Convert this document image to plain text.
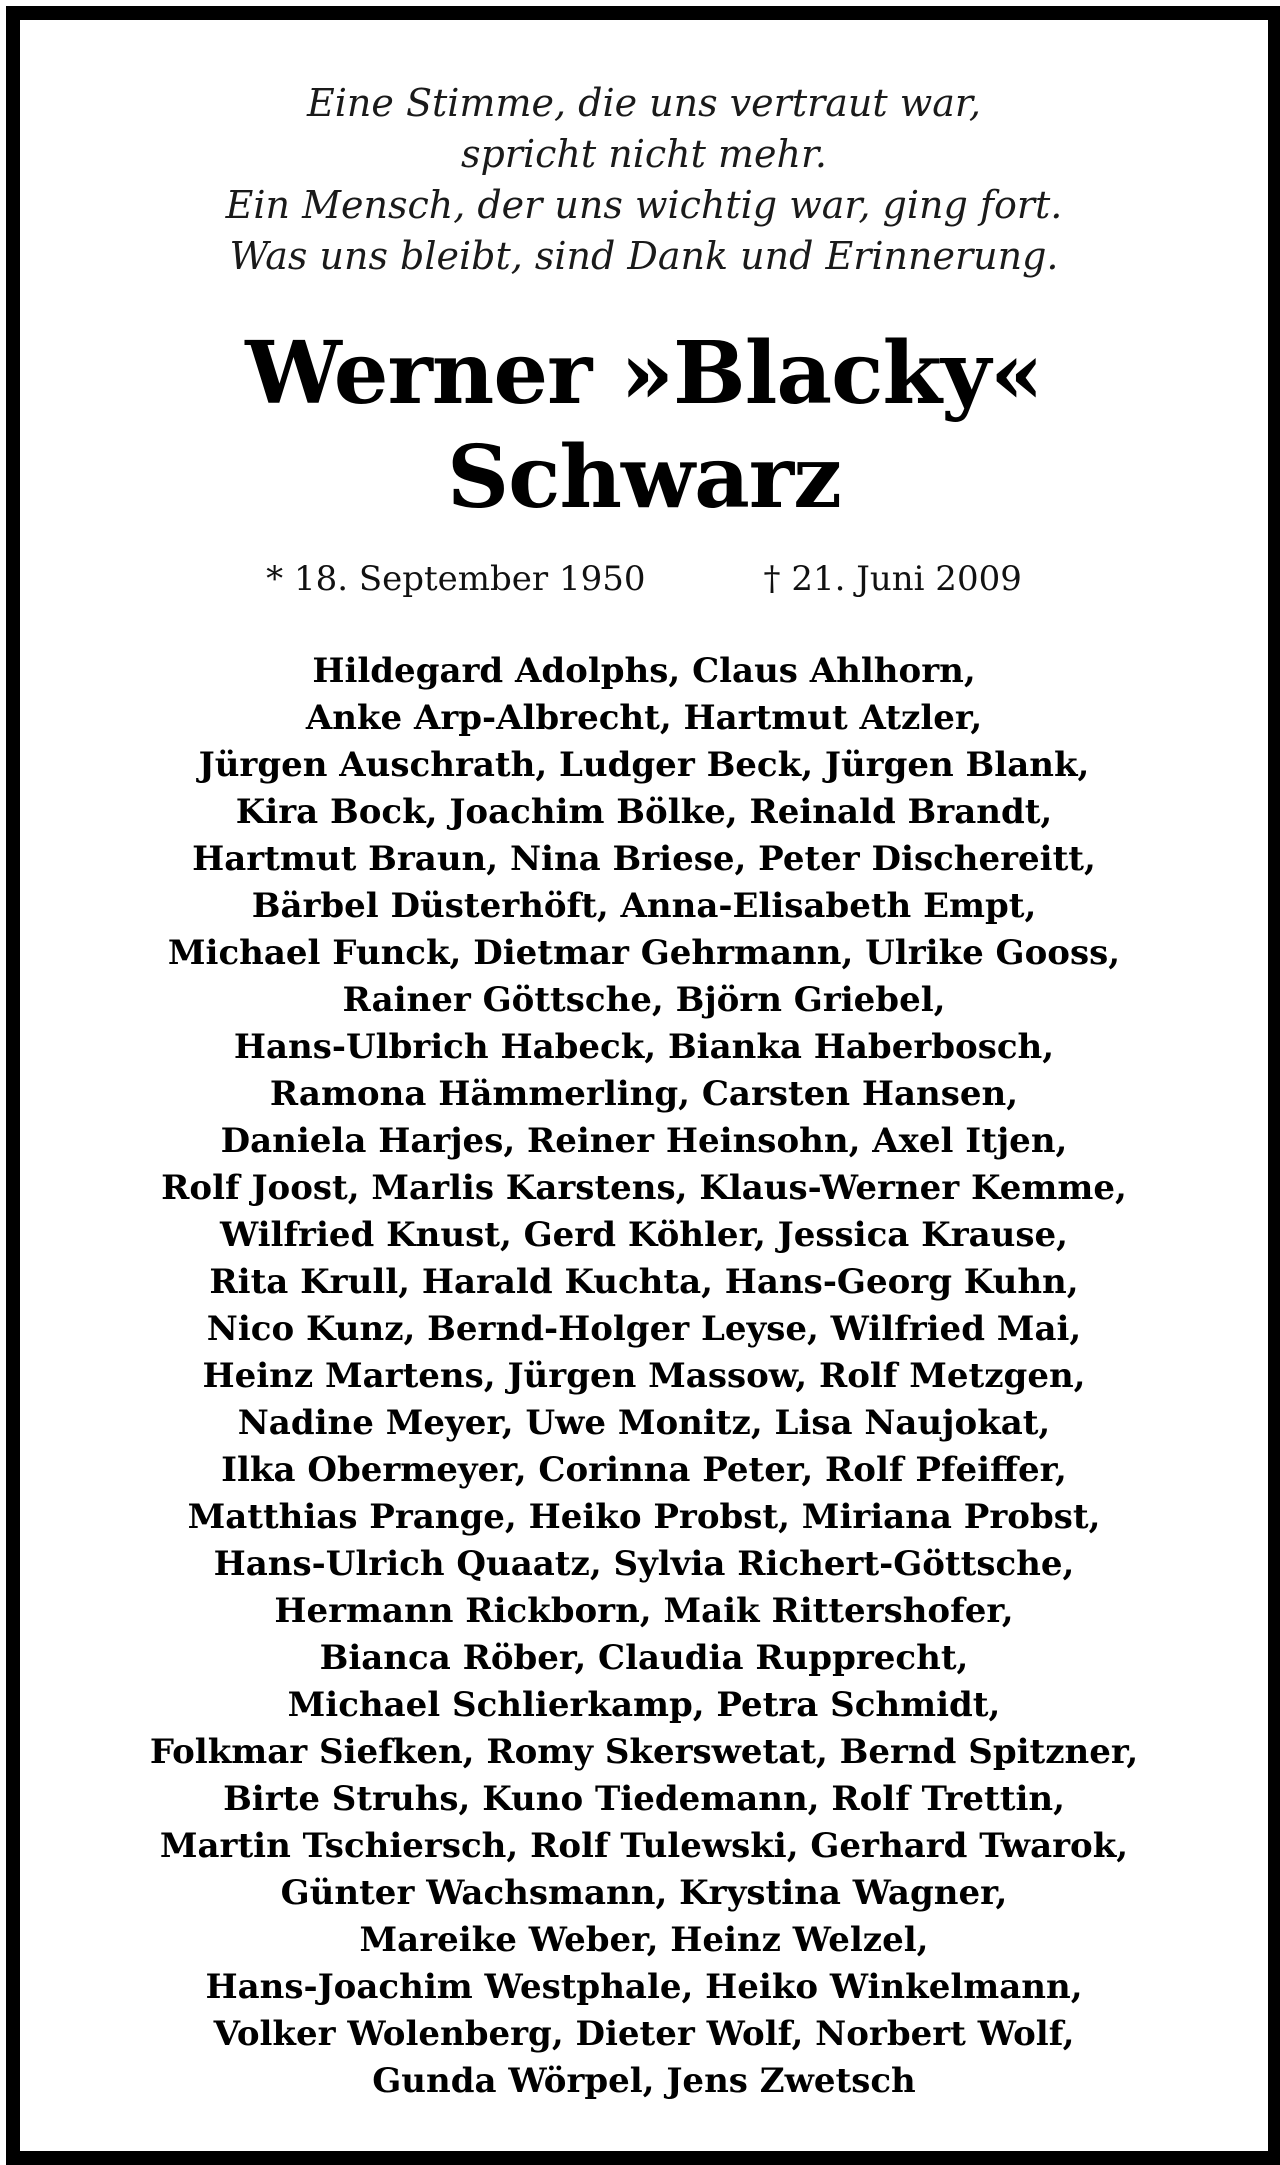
Eine Stimme, die uns vertraut war,
spricht nicht mehr.
Ein Mensch, der uns wichtig war, ging fort.
Was uns bleibt, sind Dank und Erinnerung.
Werner »Blacky«
Schwarz
* 18. September 1950	† 21. Juni 2009
Hildegard Adolphs, Claus Ahlhorn,
Anke Arp-Albrecht, Hartmut Atzler,
Jürgen Auschrath, Ludger Beck, Jürgen Blank,
Kira Bock, Joachim Bölke, Reinald Brandt,
Hartmut Braun, Nina Briese, Peter Dischereitt,
Bärbel Düsterhöft, Anna-Elisabeth Empt,
Michael Funck, Dietmar Gehrmann, Ulrike Gooss,
Rainer Göttsche, Björn Griebel,
Hans-Ulbrich Habeck, Bianka Haberbosch,
Ramona Hämmerling, Carsten Hansen,
Daniela Harjes, Reiner Heinsohn, Axel Itjen,
Rolf Joost, Marlis Karstens, Klaus-Werner Kemme,
Wilfried Knust, Gerd Köhler, Jessica Krause,
Rita Krull, Harald Kuchta, Hans-Georg Kuhn,
Nico Kunz, Bernd-Holger Leyse, Wilfried Mai,
Heinz Martens, Jürgen Massow, Rolf Metzgen,
Nadine Meyer, Uwe Monitz, Lisa Naujokat,
Ilka Obermeyer, Corinna Peter, Rolf Pfeiffer,
Matthias Prange, Heiko Probst, Miriana Probst,
Hans-Ulrich Quaatz, Sylvia Richert-Göttsche,
Hermann Rickborn, Maik Rittershofer,
Bianca Röber, Claudia Rupprecht,
Michael Schlierkamp, Petra Schmidt,
Folkmar Siefken, Romy Skerswetat, Bernd Spitzner,
Birte Struhs, Kuno Tiedemann, Rolf Trettin,
Martin Tschiersch, Rolf Tulewski, Gerhard Twarok,
Günter Wachsmann, Krystina Wagner,
Mareike Weber, Heinz Welzel,
Hans-Joachim Westphale, Heiko Winkelmann,
Volker Wolenberg, Dieter Wolf, Norbert Wolf,
Gunda Wörpel, Jens Zwetsch
